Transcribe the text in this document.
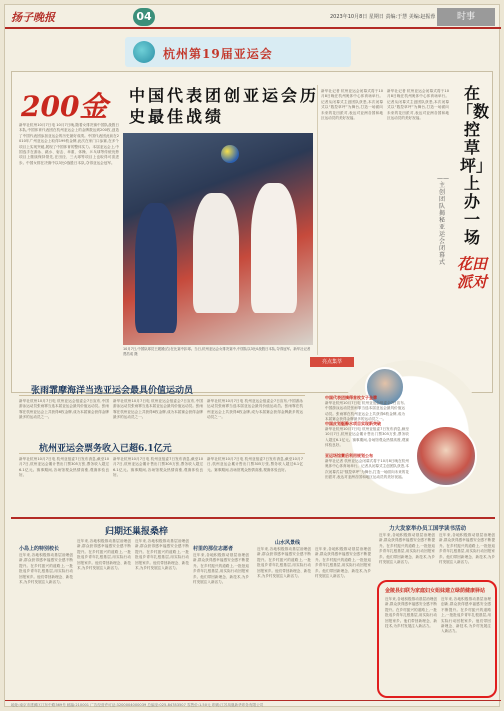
扬子晚报	04	2023年10月8日 星期日 责编:于慧 美编:赵振蓉	时事
杭州第19届亚运会
200金 中国代表团创亚运会历史最佳战绩
新华社杭州10月7日电 10月7日晚,随着女排决赛中国队战胜日本队,中国体育代表团在杭州亚运会上的金牌数达到200枚,创造了中国代表团参加亚运会的历史最好成绩。中国代表团此前在2010年广州亚运会上取得199枚金牌,此次在家门口参赛,在多个项目上实现突破,展现了中国体育的整体实力。本届亚运会上,中国选手在游泳、跳水、射击、举重、体操、乒乓球等传统优势项目上继续保持领先,在田径、三大球等项目上也取得可喜进步。中国女排在决赛中以3比0战胜日本队,夺得亚运会冠军。
10月7日,中国队球员王媛媛(右)在比赛中扣球。当日,杭州亚运会女排决赛中,中国队以3比0战胜日本队,夺得冠军。新华社记者 贾浩成 摄
新华社记者 杭州亚运会闭幕式将于10月8日晚在杭州奥体中心体育场举行。记者从闭幕式主创团队获悉,本次闭幕式以“数控草坪”为舞台,打造一场面向未来的花田派对,表达对亚洲各国和地区运动员的美好祝福。
新华社记者 杭州亚运会闭幕式将于10月8日晚在杭州奥体中心体育场举行。记者从闭幕式主创团队获悉,本次闭幕式以“数控草坪”为舞台,打造一场面向未来的花田派对,表达对亚洲各国和地区运动员的美好祝福。
在「数控草坪」上办一场
——主创团队揭秘亚运会闭幕式 花田派对
张雨霏摩海洋当选亚运会最具价值运动员
新华社杭州10月7日电 杭州亚运会组委会7日宣布,中国游泳运动员张雨霏当选本届亚运会最具价值运动员。张雨霏在杭州亚运会上共获得6枚金牌,成为本届赛会获得金牌最多的运动员之一。
新华社杭州10月7日电 杭州亚运会组委会7日宣布,中国游泳运动员张雨霏当选本届亚运会最具价值运动员。张雨霏在杭州亚运会上共获得6枚金牌,成为本届赛会获得金牌最多的运动员之一。
新华社杭州10月7日电 杭州亚运会组委会7日宣布,中国游泳运动员张雨霏当选本届亚运会最具价值运动员。张雨霏在杭州亚运会上共获得6枚金牌,成为本届赛会获得金牌最多的运动员之一。
杭州亚运会票务收入已超6.1亿元
新华社杭州10月7日电 杭州亚组委7日发布消息,截至10月7日,杭州亚运会累计售出门票305万张,票务收入超过6.1亿元。赛事期间,各场馆观众热情高涨,观赛体验良好。
新华社杭州10月7日电 杭州亚组委7日发布消息,截至10月7日,杭州亚运会累计售出门票305万张,票务收入超过6.1亿元。赛事期间,各场馆观众热情高涨,观赛体验良好。
新华社杭州10月7日电 杭州亚组委7日发布消息,截至10月7日,杭州亚运会累计售出门票305万张,票务收入超过6.1亿元。赛事期间,各场馆观众热情高涨,观赛体验良好。
亮点集萃
中国代表团摘得首枚女子金牌
新华社杭州10月7日电 杭州亚运会组委会7日宣布,中国游泳运动员张雨霏当选本届亚运会最具价值运动员。张雨霏在杭州亚运会上共获得6枚金牌,成为本届赛会获得金牌最多的运动员之一。
中国皮划艇静水项目实现新突破
新华社杭州10月7日电 杭州亚组委7日发布消息,截至10月7日,杭州亚运会累计售出门票305万张,票务收入超过6.1亿元。赛事期间,各场馆观众热情高涨,观赛体验良好。
亚运场馆赛后利用规划公布
新华社记者 杭州亚运会闭幕式将于10月8日晚在杭州奥体中心体育场举行。记者从闭幕式主创团队获悉,本次闭幕式以“数控草坪”为舞台,打造一场面向未来的花田派对,表达对亚洲各国和地区运动员的美好祝福。
归期还巢报桑梓
小岛上的特别校长
近年来,各地积极推动基层治理创新,群众获得感幸福感安全感不断提升。在乡村振兴的道路上,一批批返乡青年扎根基层,用实际行动回报家乡。他们带回新理念、新技术,为乡村发展注入新活力。
近年来,各地积极推动基层治理创新,群众获得感幸福感安全感不断提升。在乡村振兴的道路上,一批批返乡青年扎根基层,用实际行动回报家乡。他们带回新理念、新技术,为乡村发展注入新活力。
近年来,各地积极推动基层治理创新,群众获得感幸福感安全感不断提升。在乡村振兴的道路上,一批批返乡青年扎根基层,用实际行动回报家乡。他们带回新理念、新技术,为乡村发展注入新活力。
村里的那位志愿者
近年来,各地积极推动基层治理创新,群众获得感幸福感安全感不断提升。在乡村振兴的道路上,一批批返乡青年扎根基层,用实际行动回报家乡。他们带回新理念、新技术,为乡村发展注入新活力。
山水风景线
近年来,各地积极推动基层治理创新,群众获得感幸福感安全感不断提升。在乡村振兴的道路上,一批批返乡青年扎根基层,用实际行动回报家乡。他们带回新理念、新技术,为乡村发展注入新活力。
近年来,各地积极推动基层治理创新,群众获得感幸福感安全感不断提升。在乡村振兴的道路上,一批批返乡青年扎根基层,用实际行动回报家乡。他们带回新理念、新技术,为乡村发展注入新活力。
力大发家举办员工国学读书活动
近年来,各地积极推动基层治理创新,群众获得感幸福感安全感不断提升。在乡村振兴的道路上,一批批返乡青年扎根基层,用实际行动回报家乡。他们带回新理念、新技术,为乡村发展注入新活力。
近年来,各地积极推动基层治理创新,群众获得感幸福感安全感不断提升。在乡村振兴的道路上,一批批返乡青年扎根基层,用实际行动回报家乡。他们带回新理念、新技术,为乡村发展注入新活力。
金陵县妇联为家庭妇女姐妹建立绿荫健康驿站
近年来,各地积极推动基层治理创新,群众获得感幸福感安全感不断提升。在乡村振兴的道路上,一批批返乡青年扎根基层,用实际行动回报家乡。他们带回新理念、新技术,为乡村发展注入新活力。
近年来,各地积极推动基层治理创新,群众获得感幸福感安全感不断提升。在乡村振兴的道路上,一批批返乡青年扎根基层,用实际行动回报家乡。他们带回新理念、新技术,为乡村发展注入新活力。
地址:南京市建邺区江东中路369号 邮编:210001 广告经营许可证:3200004000039 总编室:025-84783507 零售价:1.50元 印刷:江苏凤凰新华印务有限公司
